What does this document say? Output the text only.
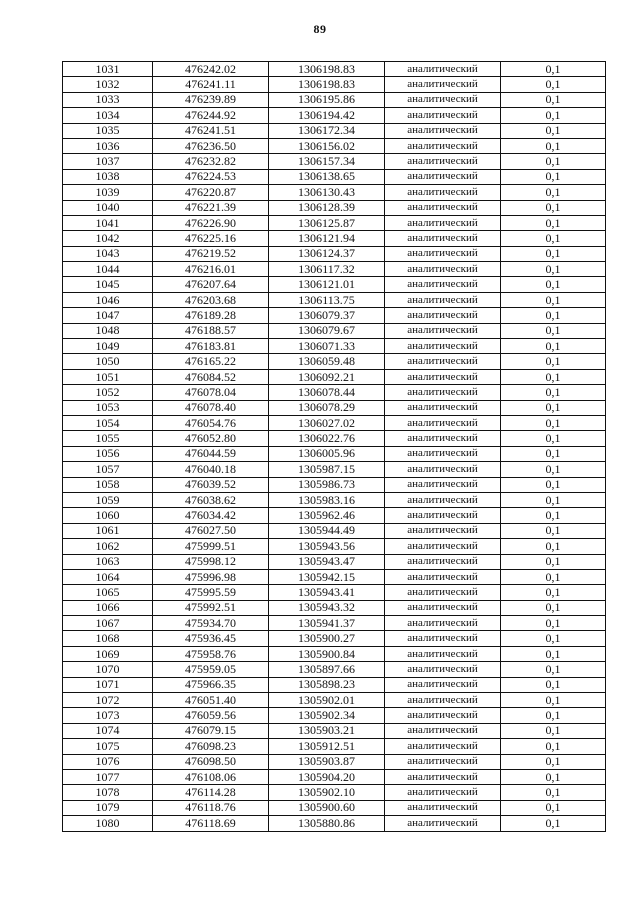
89
1031	476242.02	1306198.83	аналитический	0,1
1032	476241.11	1306198.83	аналитический	0,1
1033	476239.89	1306195.86	аналитический	0,1
1034	476244.92	1306194.42	аналитический	0,1
1035	476241.51	1306172.34	аналитический	0,1
1036	476236.50	1306156.02	аналитический	0,1
1037	476232.82	1306157.34	аналитический	0,1
1038	476224.53	1306138.65	аналитический	0,1
1039	476220.87	1306130.43	аналитический	0,1
1040	476221.39	1306128.39	аналитический	0,1
1041	476226.90	1306125.87	аналитический	0,1
1042	476225.16	1306121.94	аналитический	0,1
1043	476219.52	1306124.37	аналитический	0,1
1044	476216.01	1306117.32	аналитический	0,1
1045	476207.64	1306121.01	аналитический	0,1
1046	476203.68	1306113.75	аналитический	0,1
1047	476189.28	1306079.37	аналитический	0,1
1048	476188.57	1306079.67	аналитический	0,1
1049	476183.81	1306071.33	аналитический	0,1
1050	476165.22	1306059.48	аналитический	0,1
1051	476084.52	1306092.21	аналитический	0,1
1052	476078.04	1306078.44	аналитический	0,1
1053	476078.40	1306078.29	аналитический	0,1
1054	476054.76	1306027.02	аналитический	0,1
1055	476052.80	1306022.76	аналитический	0,1
1056	476044.59	1306005.96	аналитический	0,1
1057	476040.18	1305987.15	аналитический	0,1
1058	476039.52	1305986.73	аналитический	0,1
1059	476038.62	1305983.16	аналитический	0,1
1060	476034.42	1305962.46	аналитический	0,1
1061	476027.50	1305944.49	аналитический	0,1
1062	475999.51	1305943.56	аналитический	0,1
1063	475998.12	1305943.47	аналитический	0,1
1064	475996.98	1305942.15	аналитический	0,1
1065	475995.59	1305943.41	аналитический	0,1
1066	475992.51	1305943.32	аналитический	0,1
1067	475934.70	1305941.37	аналитический	0,1
1068	475936.45	1305900.27	аналитический	0,1
1069	475958.76	1305900.84	аналитический	0,1
1070	475959.05	1305897.66	аналитический	0,1
1071	475966.35	1305898.23	аналитический	0,1
1072	476051.40	1305902.01	аналитический	0,1
1073	476059.56	1305902.34	аналитический	0,1
1074	476079.15	1305903.21	аналитический	0,1
1075	476098.23	1305912.51	аналитический	0,1
1076	476098.50	1305903.87	аналитический	0,1
1077	476108.06	1305904.20	аналитический	0,1
1078	476114.28	1305902.10	аналитический	0,1
1079	476118.76	1305900.60	аналитический	0,1
1080	476118.69	1305880.86	аналитический	0,1
